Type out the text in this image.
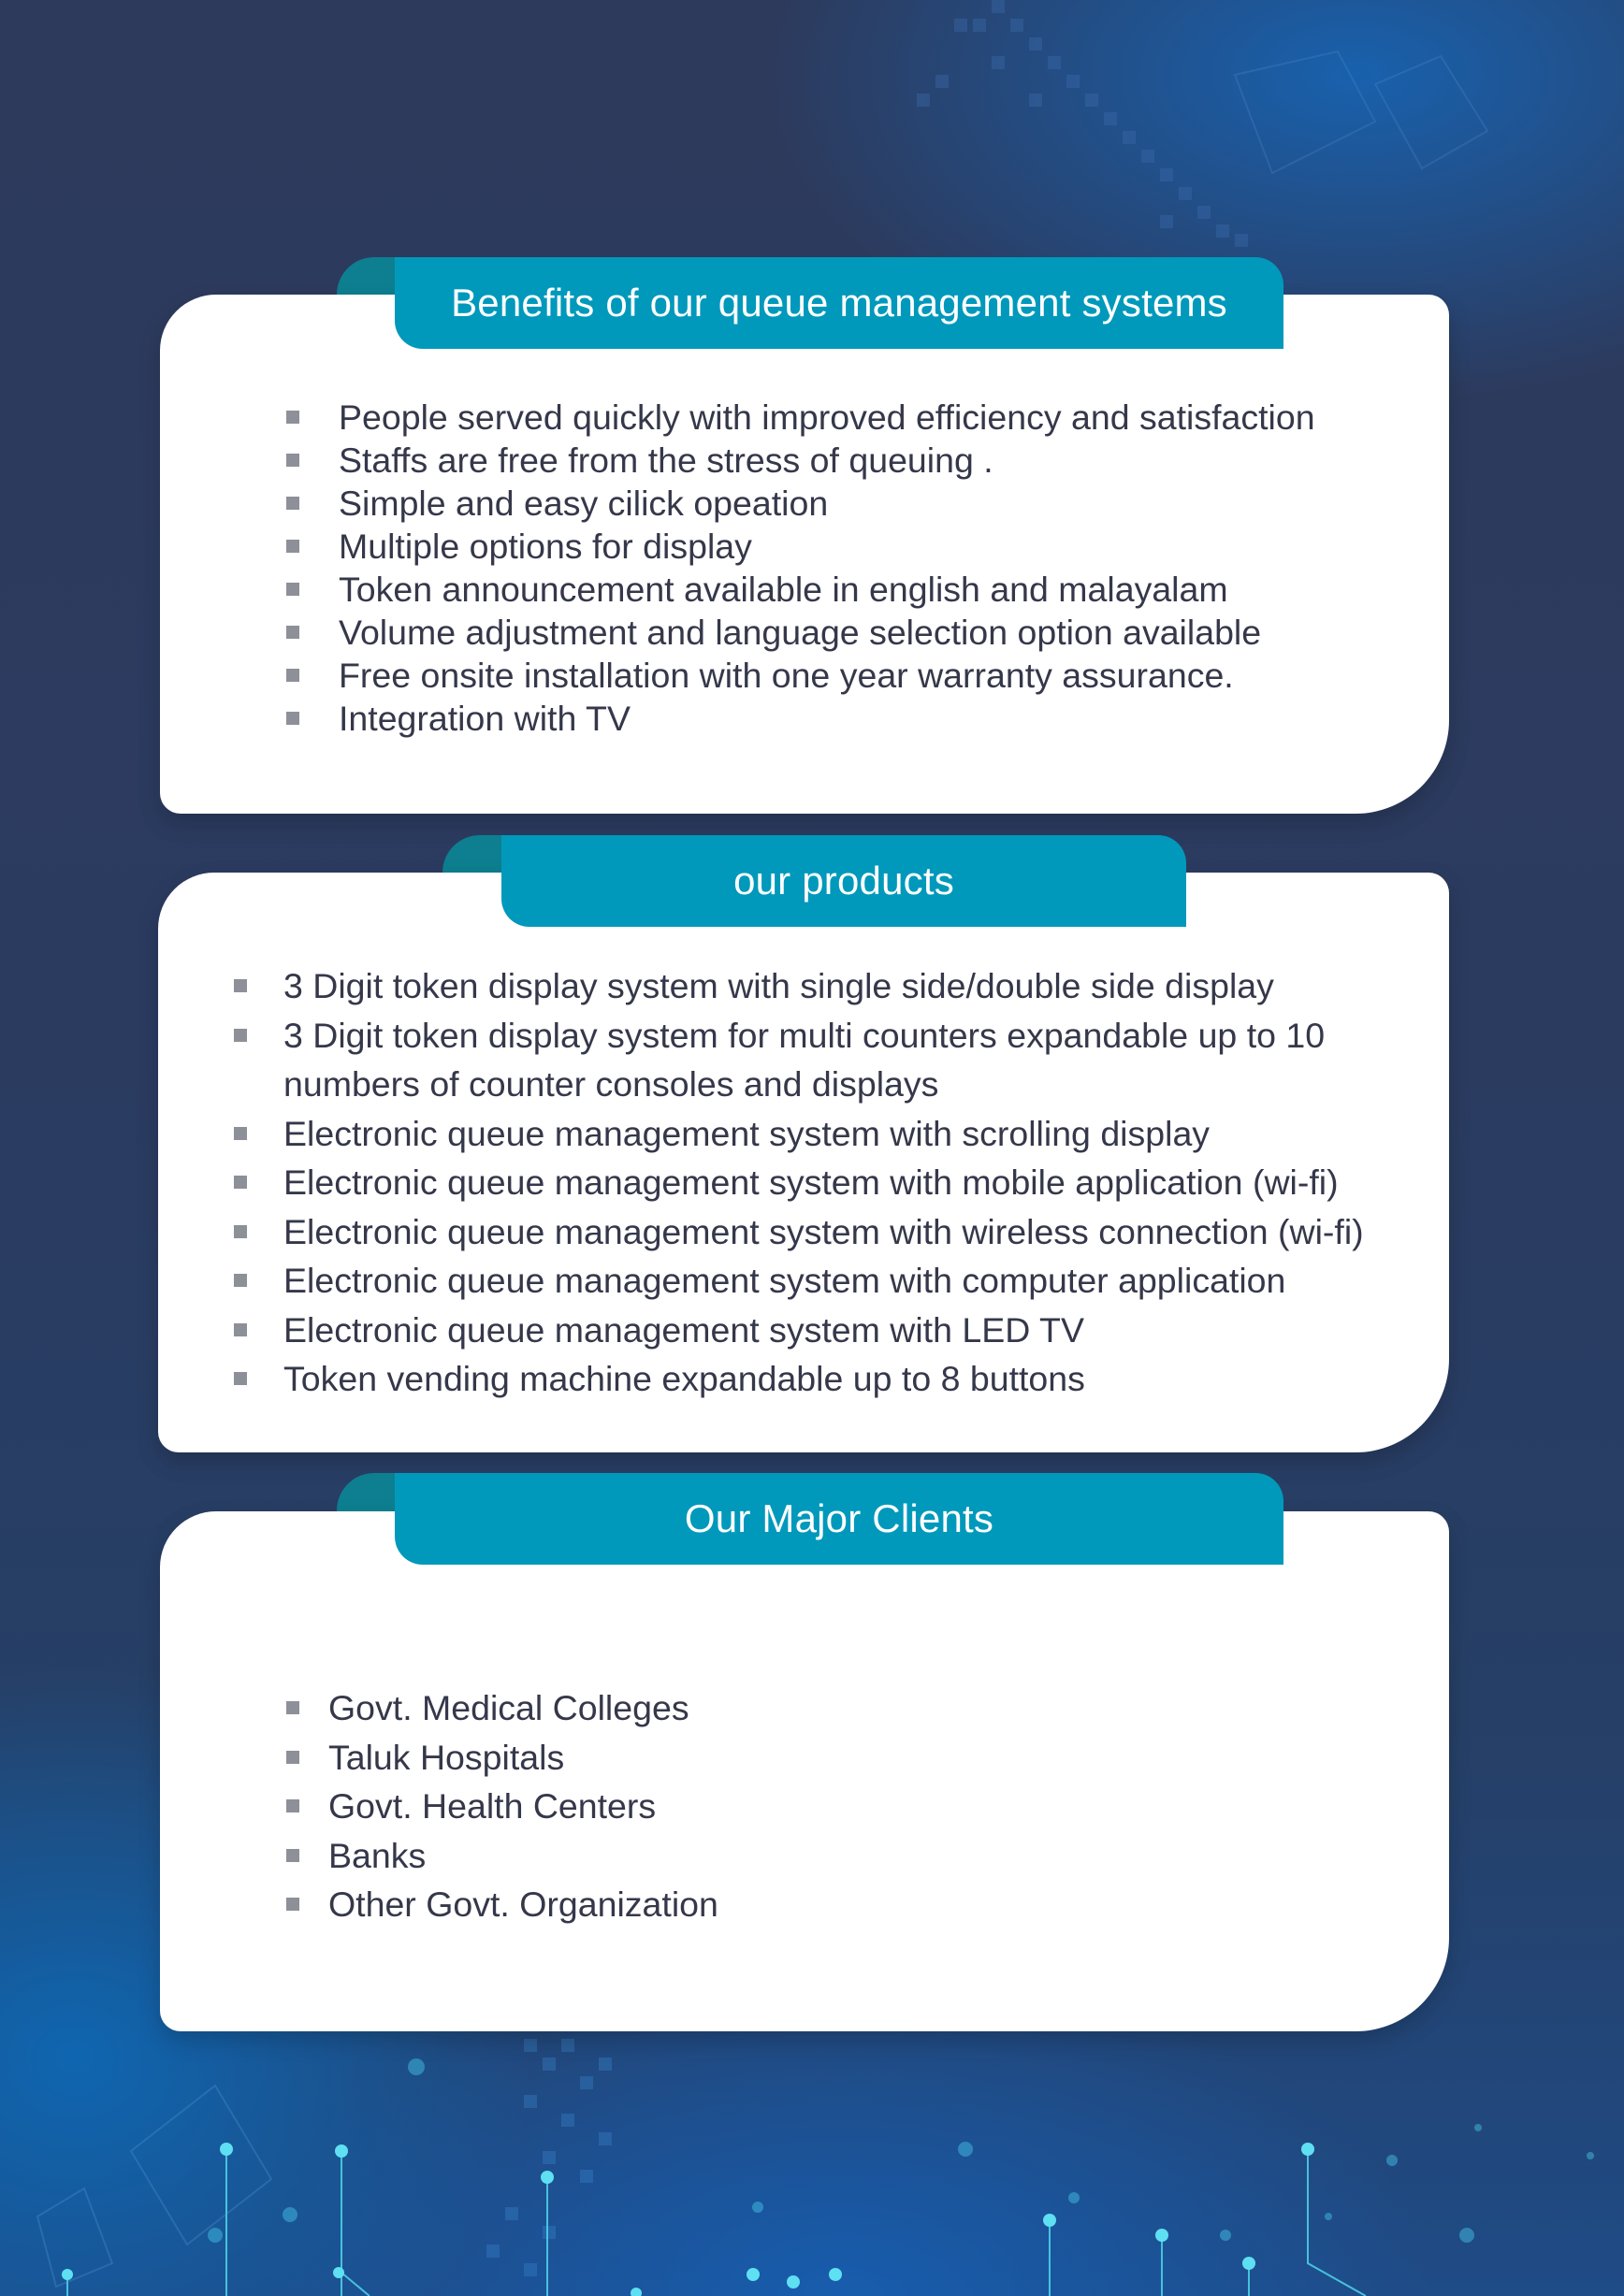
Benefits of our queue management systems
People served quickly with improved efficiency and satisfaction
Staffs are free from the stress of queuing .
Simple and easy cilick opeation
Multiple options for display
Token announcement available in english and malayalam
Volume adjustment and language selection option available
Free onsite installation with one year warranty assurance.
Integration with TV
our products
3 Digit token display system with single side/double side display
3 Digit token display system for multi counters expandable up to 10 numbers of counter consoles and displays
Electronic queue management system with scrolling display
Electronic queue management system with mobile application (wi-fi)
Electronic queue management system with wireless connection (wi-fi)
Electronic queue management system with computer application
Electronic queue management system with LED TV
Token vending machine expandable up to 8 buttons
Our Major Clients
Govt. Medical Colleges
Taluk Hospitals
Govt. Health Centers
Banks
Other Govt. Organization
